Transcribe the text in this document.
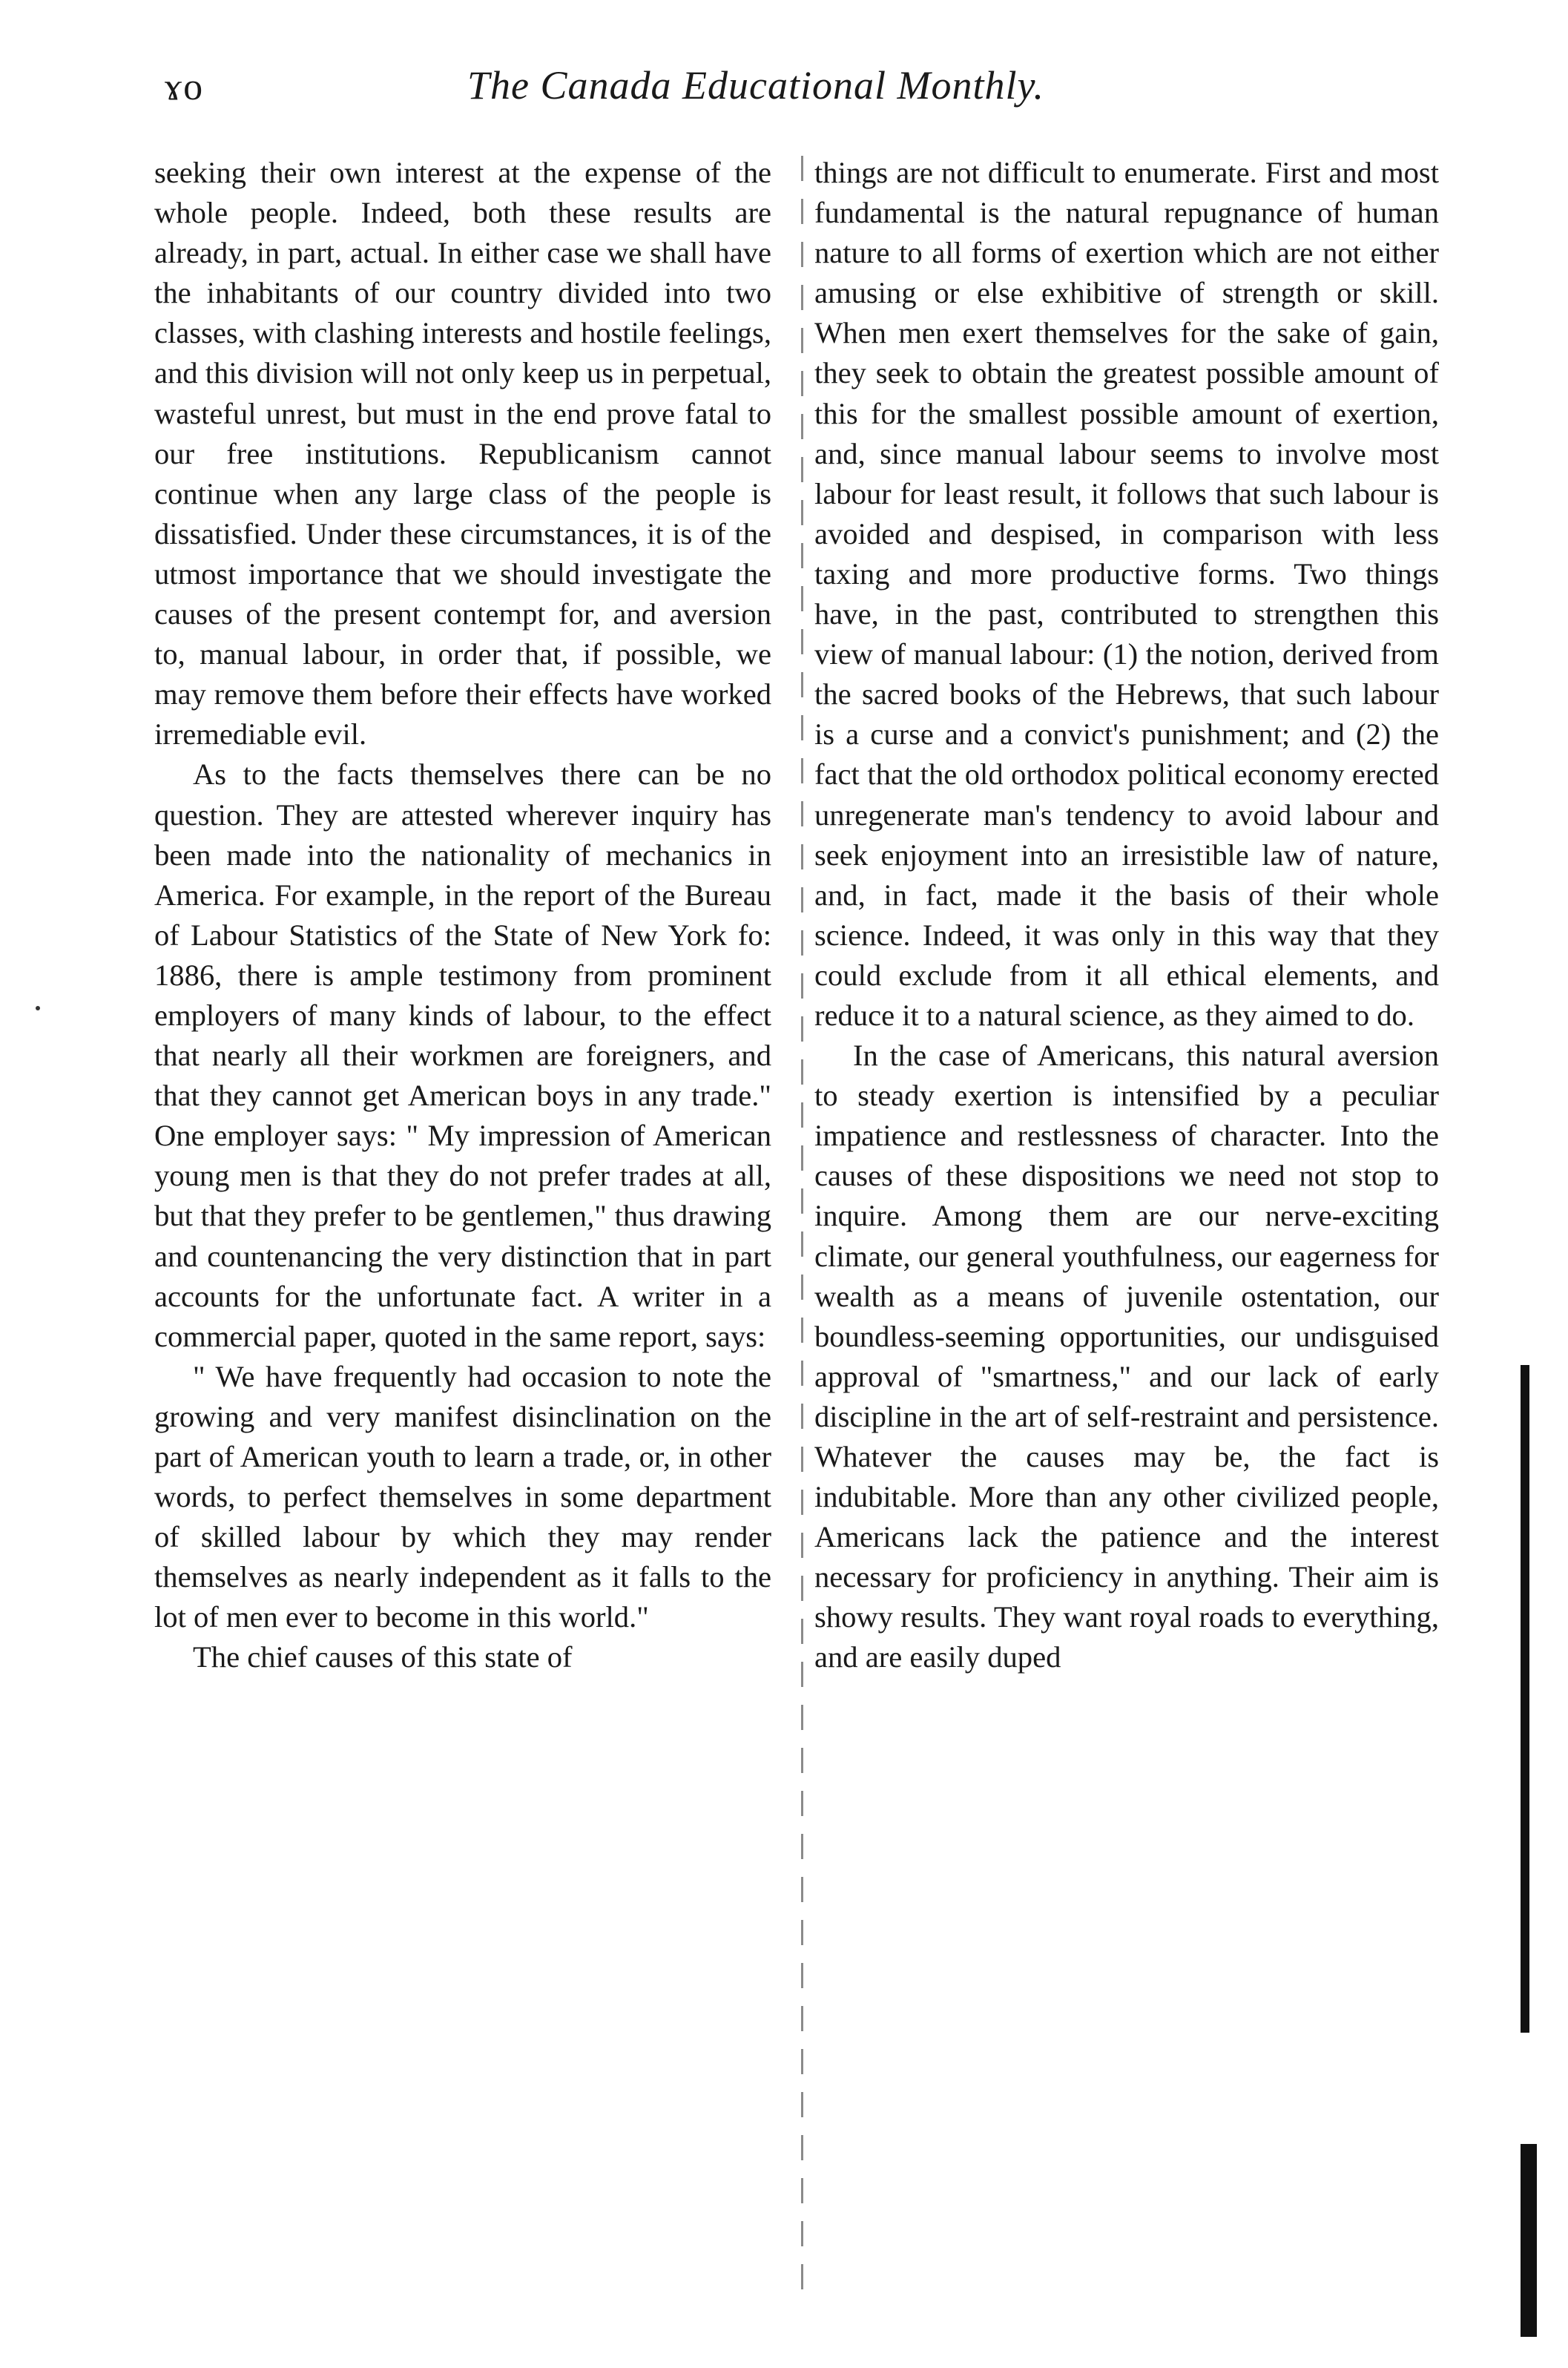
ɤo	The Canada Educational Monthly.

seeking their own interest at the expense of the whole people. Indeed, both these results are already, in part, actual. In either case we shall have the inhabitants of our country divided into two classes, with clashing interests and hostile feelings, and this division will not only keep us in perpetual, wasteful unrest, but must in the end prove fatal to our free institutions. Republicanism cannot continue when any large class of the people is dissatisfied. Under these circumstances, it is of the utmost importance that we should investigate the causes of the present contempt for, and aversion to, manual labour, in order that, if possible, we may remove them before their effects have worked irremediable evil.

As to the facts themselves there can be no question. They are attested wherever inquiry has been made into the nationality of mechanics in America. For example, in the report of the Bureau of Labour Statistics of the State of New York fo: 1886, there is ample testimony from prominent employers of many kinds of labour, to the effect that nearly all their workmen are foreigners, and that they cannot get American boys in any trade." One employer says: " My impression of American young men is that they do not prefer trades at all, but that they prefer to be gentlemen," thus drawing and countenancing the very distinction that in part accounts for the unfortunate fact. A writer in a commercial paper, quoted in the same report, says:

" We have frequently had occasion to note the growing and very manifest disinclination on the part of American youth to learn a trade, or, in other words, to perfect themselves in some department of skilled labour by which they may render themselves as nearly independent as it falls to the lot of men ever to become in this world."

The chief causes of this state of

things are not difficult to enumerate. First and most fundamental is the natural repugnance of human nature to all forms of exertion which are not either amusing or else exhibitive of strength or skill. When men exert themselves for the sake of gain, they seek to obtain the greatest possible amount of this for the smallest possible amount of exertion, and, since manual labour seems to involve most labour for least result, it follows that such labour is avoided and despised, in comparison with less taxing and more productive forms. Two things have, in the past, contributed to strengthen this view of manual labour: (1) the notion, derived from the sacred books of the Hebrews, that such labour is a curse and a convict's punishment; and (2) the fact that the old orthodox political economy erected unregenerate man's tendency to avoid labour and seek enjoyment into an irresistible law of nature, and, in fact, made it the basis of their whole science. Indeed, it was only in this way that they could exclude from it all ethical elements, and reduce it to a natural science, as they aimed to do.

In the case of Americans, this natural aversion to steady exertion is intensified by a peculiar impatience and restlessness of character. Into the causes of these dispositions we need not stop to inquire. Among them are our nerve-exciting climate, our general youthfulness, our eagerness for wealth as a means of juvenile ostentation, our boundless-seeming opportunities, our undisguised approval of "smartness," and our lack of early discipline in the art of self-restraint and persistence. Whatever the causes may be, the fact is indubitable. More than any other civilized people, Americans lack the patience and the interest necessary for proficiency in anything. Their aim is showy results. They want royal roads to everything, and are easily duped
